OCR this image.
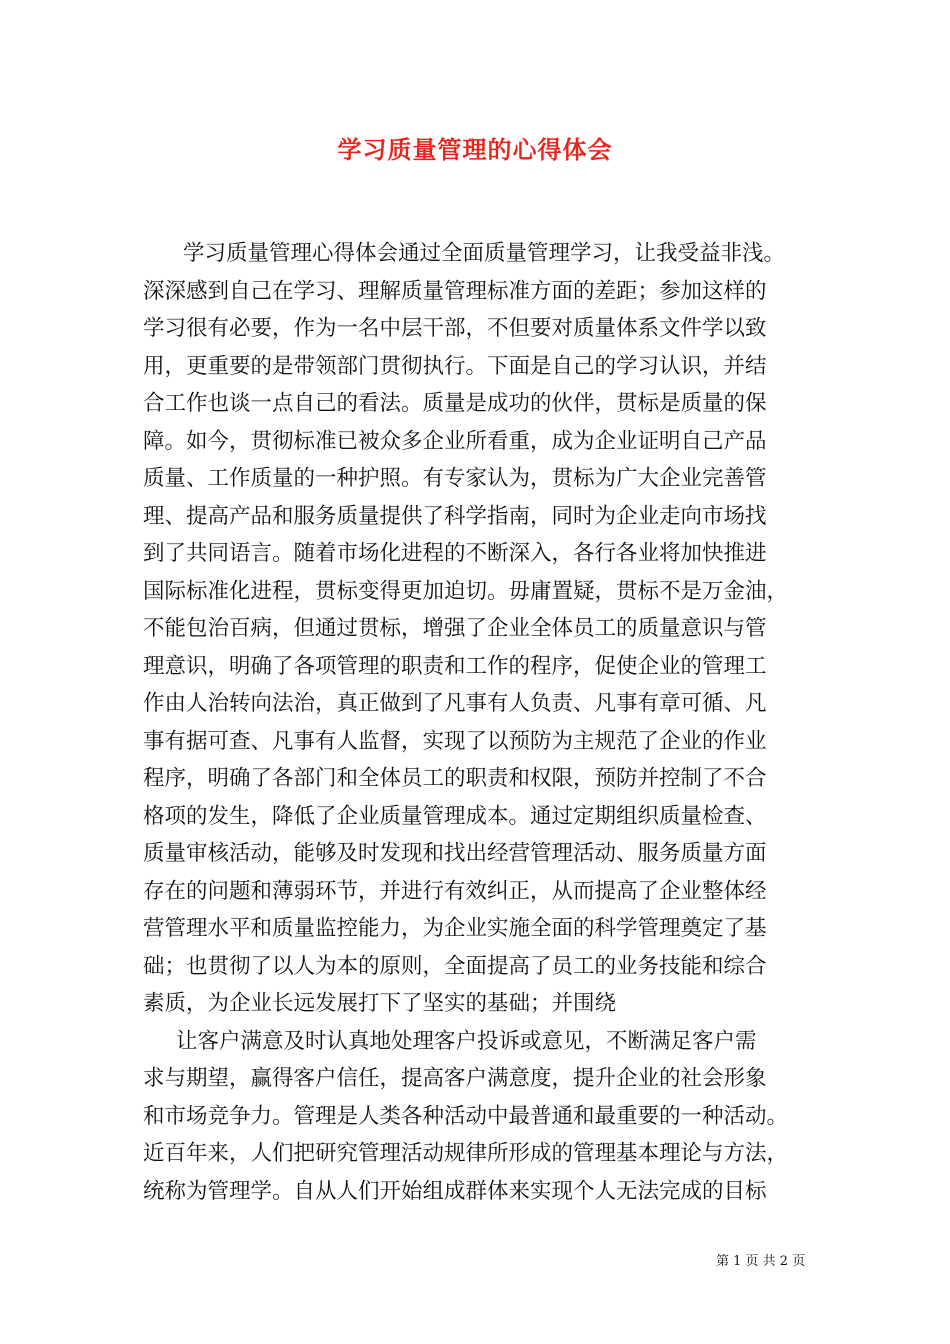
学习质量管理的心得体会
学习质量管理心得体会通过全面质量管理学习，让我受益非浅。
深深感到自己在学习、理解质量管理标准方面的差距；参加这样的
学习很有必要，作为一名中层干部，不但要对质量体系文件学以致
用，更重要的是带领部门贯彻执行。下面是自己的学习认识，并结
合工作也谈一点自己的看法。质量是成功的伙伴，贯标是质量的保
障。如今，贯彻标准已被众多企业所看重，成为企业证明自己产品
质量、工作质量的一种护照。有专家认为，贯标为广大企业完善管
理、提高产品和服务质量提供了科学指南，同时为企业走向市场找
到了共同语言。随着市场化进程的不断深入，各行各业将加快推进
国际标准化进程，贯标变得更加迫切。毋庸置疑，贯标不是万金油，
不能包治百病，但通过贯标，增强了企业全体员工的质量意识与管
理意识，明确了各项管理的职责和工作的程序，促使企业的管理工
作由人治转向法治，真正做到了凡事有人负责、凡事有章可循、凡
事有据可查、凡事有人监督，实现了以预防为主规范了企业的作业
程序，明确了各部门和全体员工的职责和权限，预防并控制了不合
格项的发生，降低了企业质量管理成本。通过定期组织质量检查、
质量审核活动，能够及时发现和找出经营管理活动、服务质量方面
存在的问题和薄弱环节，并进行有效纠正，从而提高了企业整体经
营管理水平和质量监控能力，为企业实施全面的科学管理奠定了基
础；也贯彻了以人为本的原则，全面提高了员工的业务技能和综合
素质，为企业长远发展打下了坚实的基础；并围绕
让客户满意及时认真地处理客户投诉或意见，不断满足客户需
求与期望，赢得客户信任，提高客户满意度，提升企业的社会形象
和市场竞争力。管理是人类各种活动中最普通和最重要的一种活动。
近百年来，人们把研究管理活动规律所形成的管理基本理论与方法，
统称为管理学。自从人们开始组成群体来实现个人无法完成的目标
第 1 页 共 2 页
